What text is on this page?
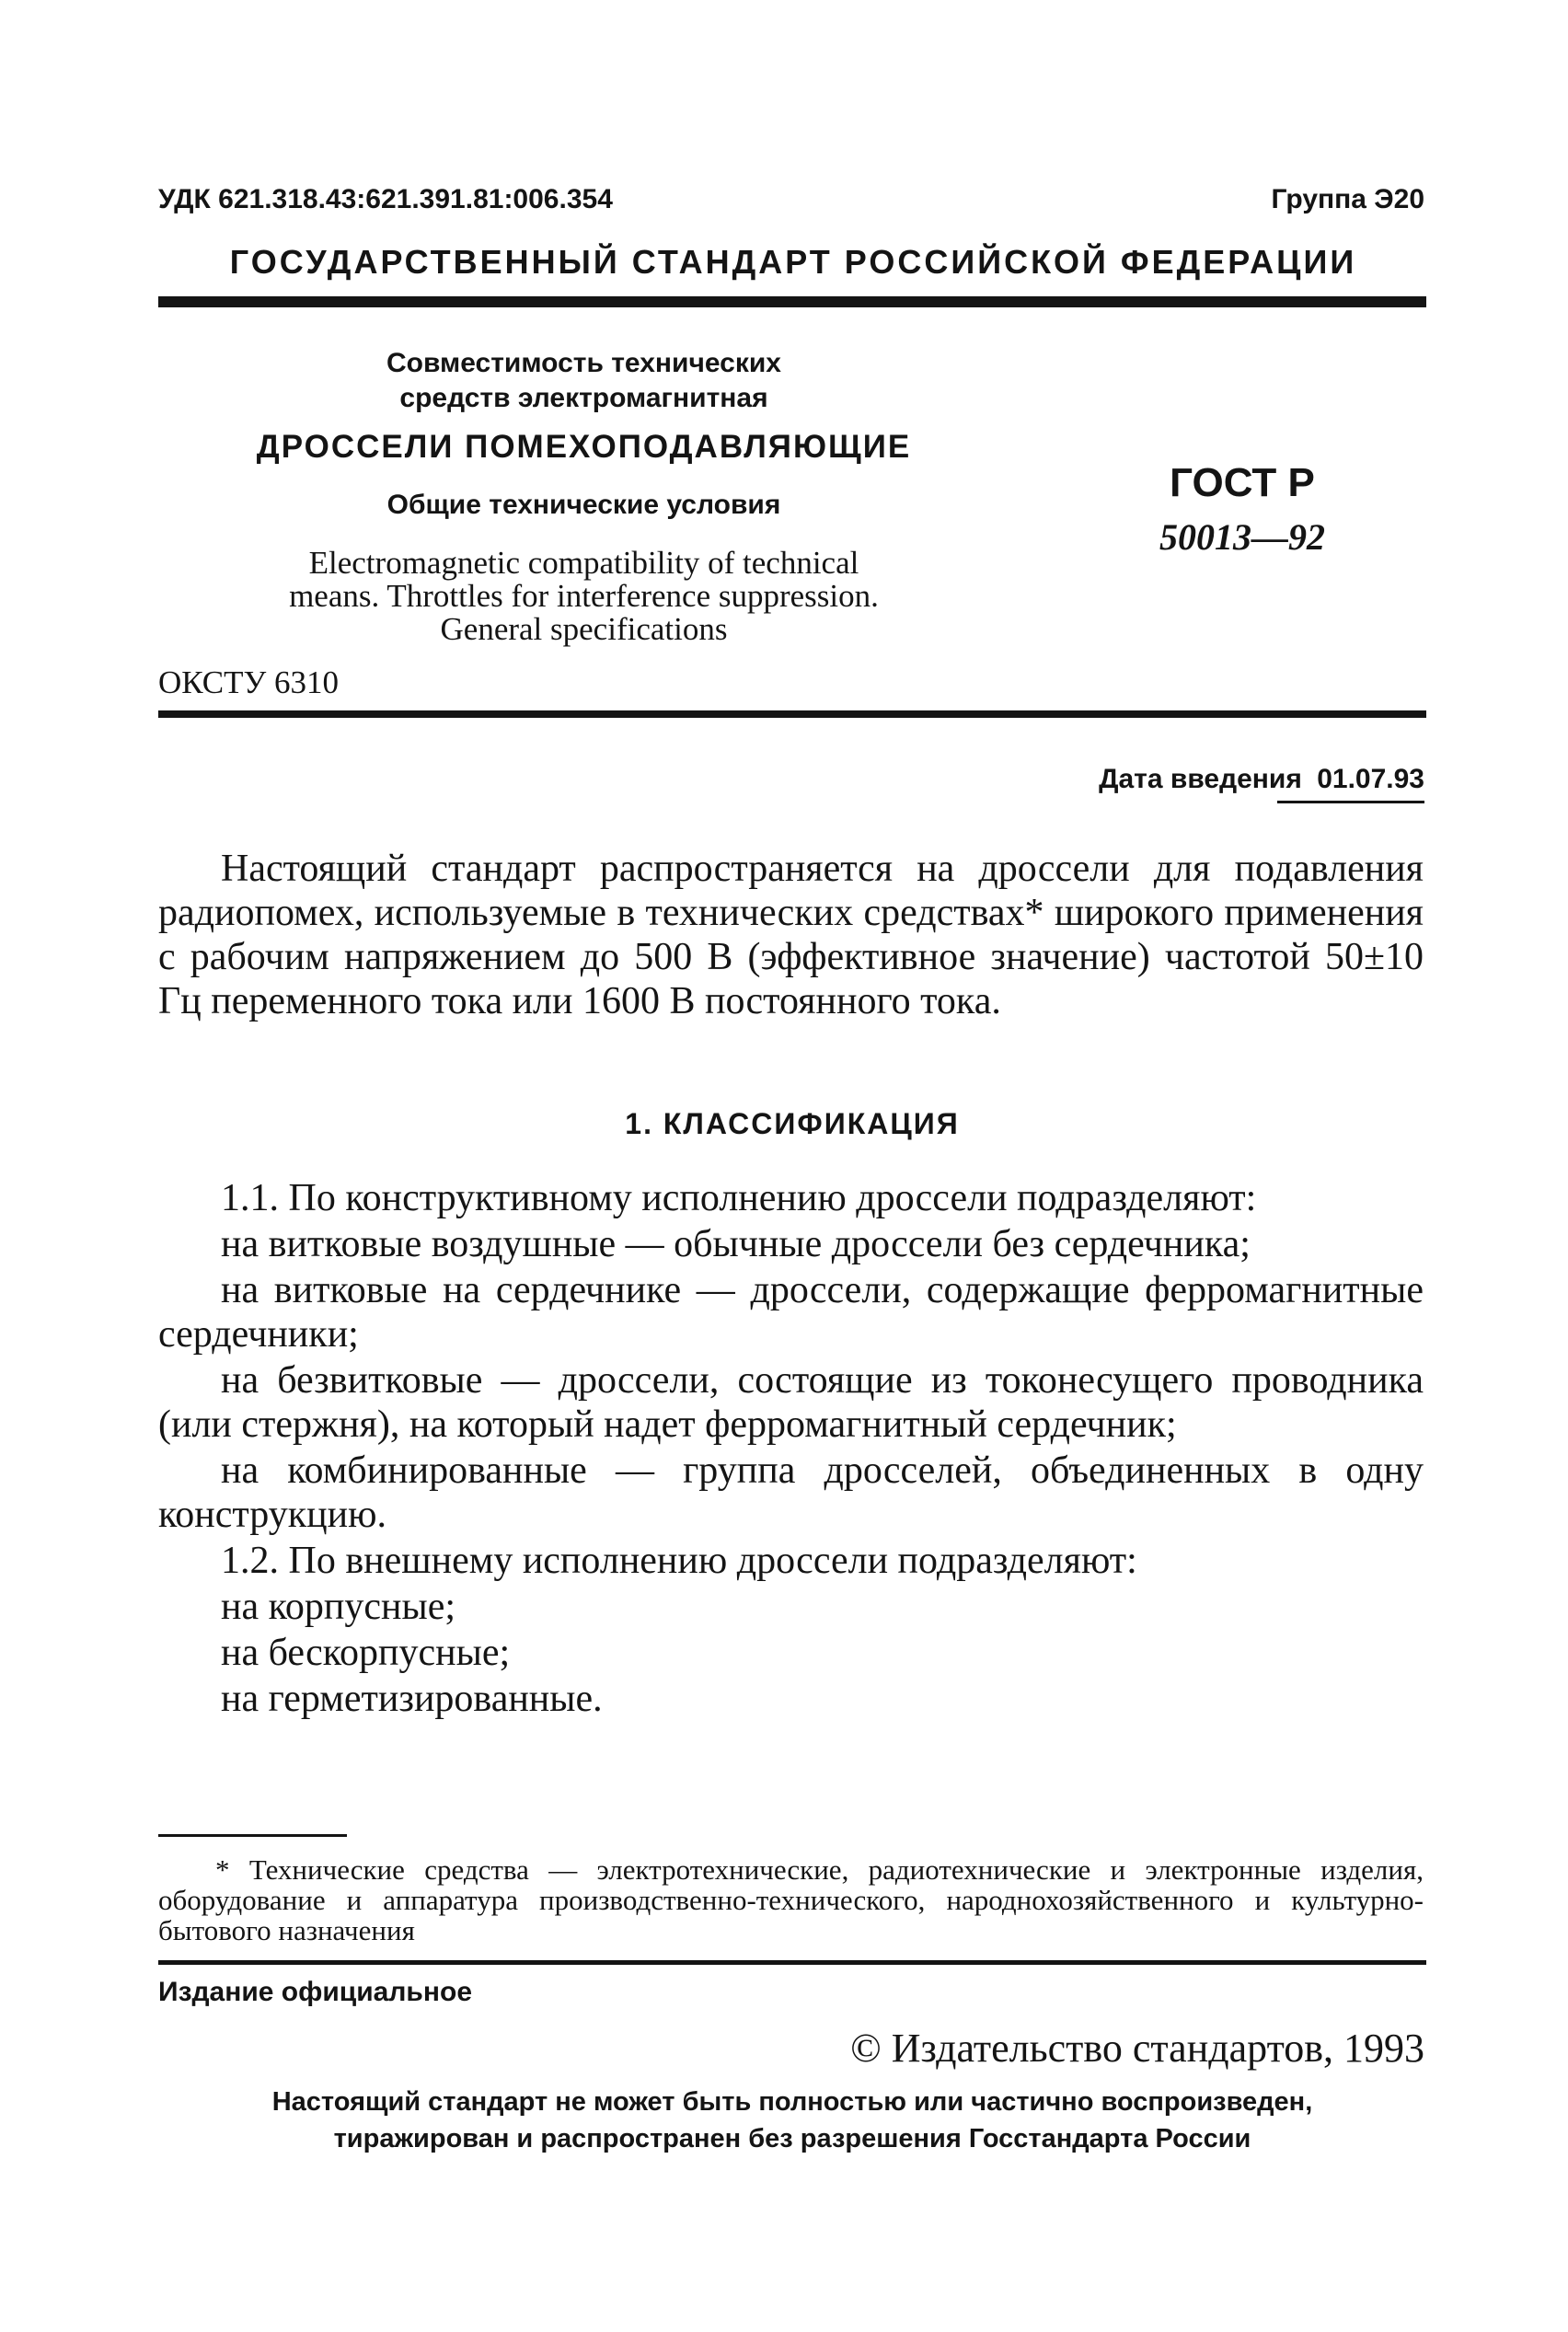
УДК 621.318.43:621.391.81:006.354	Группа Э20
ГОСУДАРСТВЕННЫЙ СТАНДАРТ РОССИЙСКОЙ ФЕДЕРАЦИИ
Совместимость технических
средств электромагнитная
ДРОССЕЛИ ПОМЕХОПОДАВЛЯЮЩИЕ
Общие технические условия
Electromagnetic compatibility of technical
means. Throttles for interference suppression.
General specifications
ГОСТ Р
50013—92
ОКСТУ 6310
Дата введения 01.07.93

Настоящий стандарт распространяется на дроссели для подавления радиопомех, используемые в технических средствах* широкого применения с рабочим напряжением до 500 В (эффективное значение) частотой 50±10 Гц переменного тока или 1600 В постоянного тока.

1. КЛАССИФИКАЦИЯ

1.1. По конструктивному исполнению дроссели подразделяют:

на витковые воздушные — обычные дроссели без сердечника;

на витковые на сердечнике — дроссели, содержащие ферромагнитные сердечники;

на безвитковые — дроссели, состоящие из токонесущего проводника (или стержня), на который надет ферромагнитный сердечник;

на комбинированные — группа дросселей, объединенных в одну конструкцию.

1.2. По внешнему исполнению дроссели подразделяют:

на корпусные;

на бескорпусные;

на герметизированные.

* Технические средства — электротехнические, радиотехнические и электронные изделия, оборудование и аппаратура производственно-технического, народнохозяйственного и культурно-бытового назначения

Издание официальное
© Издательство стандартов, 1993
Настоящий стандарт не может быть полностью или частично воспроизведен,
тиражирован и распространен без разрешения Госстандарта России
